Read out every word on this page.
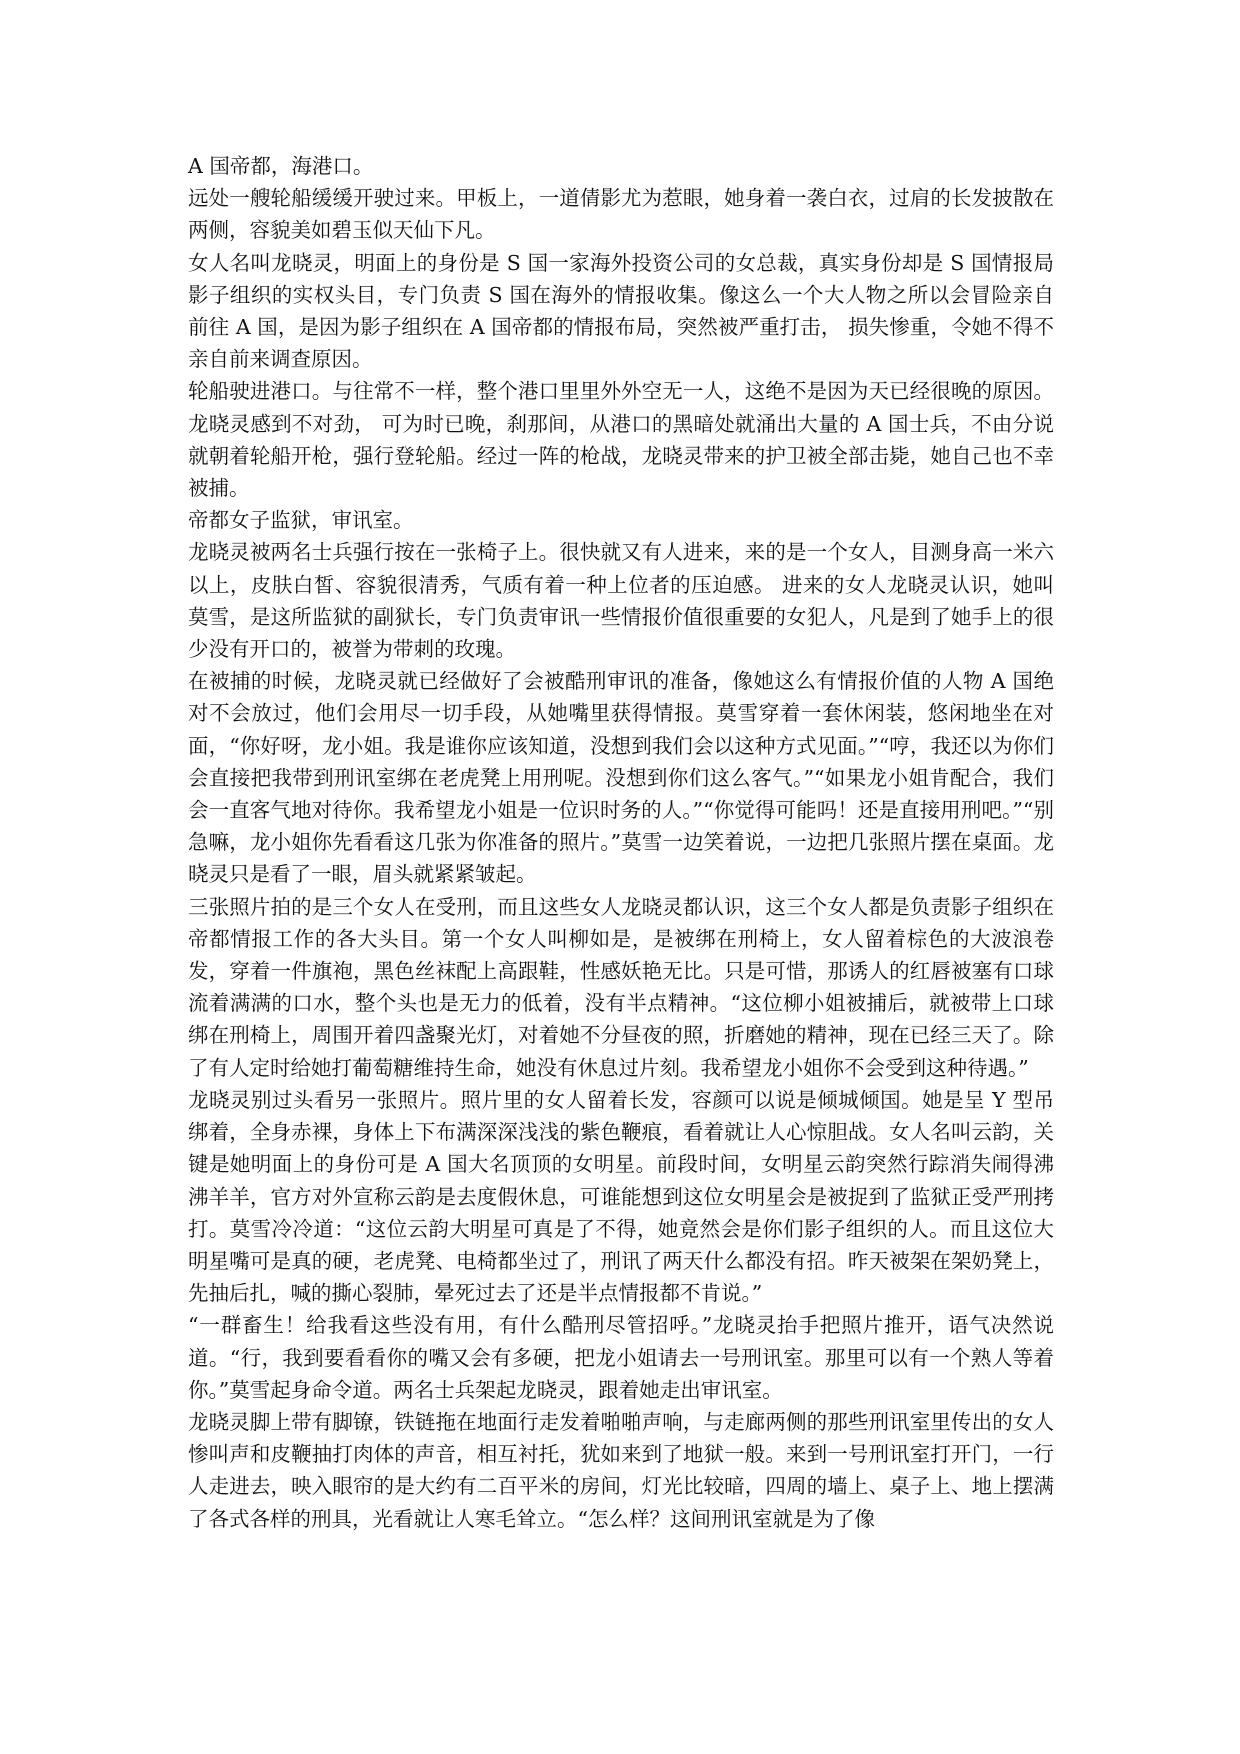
A 国帝都，海港口。

远处一艘轮船缓缓开驶过来。甲板上，一道倩影尤为惹眼，她身着一袭白衣，过肩的长发披散在两侧，容貌美如碧玉似天仙下凡。

女人名叫龙晓灵，明面上的身份是 S 国一家海外投资公司的女总裁，真实身份却是 S 国情报局影子组织的实权头目，专门负责 S 国在海外的情报收集。像这么一个大人物之所以会冒险亲自前往 A 国，是因为影子组织在 A 国帝都的情报布局，突然被严重打击， 损失惨重，令她不得不亲自前来调查原因。

轮船驶进港口。与往常不一样，整个港口里里外外空无一人，这绝不是因为天已经很晚的原因。龙晓灵感到不对劲， 可为时已晚，刹那间，从港口的黑暗处就涌出大量的 A 国士兵，不由分说就朝着轮船开枪，强行登轮船。经过一阵的枪战，龙晓灵带来的护卫被全部击毙，她自己也不幸被捕。

帝都女子监狱，审讯室。

龙晓灵被两名士兵强行按在一张椅子上。很快就又有人进来，来的是一个女人，目测身高一米六以上，皮肤白皙、容貌很清秀，气质有着一种上位者的压迫感。 进来的女人龙晓灵认识，她叫莫雪，是这所监狱的副狱长，专门负责审讯一些情报价值很重要的女犯人，凡是到了她手上的很少没有开口的，被誉为带刺的玫瑰。

在被捕的时候，龙晓灵就已经做好了会被酷刑审讯的准备，像她这么有情报价值的人物 A 国绝对不会放过，他们会用尽一切手段，从她嘴里获得情报。莫雪穿着一套休闲装，悠闲地坐在对面，“你好呀，龙小姐。我是谁你应该知道，没想到我们会以这种方式见面。”“哼，我还以为你们会直接把我带到刑讯室绑在老虎凳上用刑呢。没想到你们这么客气。”“如果龙小姐肯配合，我们会一直客气地对待你。我希望龙小姐是一位识时务的人。”“你觉得可能吗！还是直接用刑吧。”“别急嘛，龙小姐你先看看这几张为你准备的照片。”莫雪一边笑着说，一边把几张照片摆在桌面。龙晓灵只是看了一眼，眉头就紧紧皱起。

三张照片拍的是三个女人在受刑，而且这些女人龙晓灵都认识，这三个女人都是负责影子组织在帝都情报工作的各大头目。第一个女人叫柳如是，是被绑在刑椅上，女人留着棕色的大波浪卷发，穿着一件旗袍，黑色丝袜配上高跟鞋，性感妖艳无比。只是可惜，那诱人的红唇被塞有口球流着满满的口水，整个头也是无力的低着，没有半点精神。“这位柳小姐被捕后，就被带上口球绑在刑椅上，周围开着四盏聚光灯，对着她不分昼夜的照，折磨她的精神，现在已经三天了。除了有人定时给她打葡萄糖维持生命，她没有休息过片刻。我希望龙小姐你不会受到这种待遇。”

龙晓灵别过头看另一张照片。照片里的女人留着长发，容颜可以说是倾城倾国。她是呈 Y 型吊绑着，全身赤裸，身体上下布满深深浅浅的紫色鞭痕，看着就让人心惊胆战。女人名叫云韵，关键是她明面上的身份可是 A 国大名顶顶的女明星。前段时间，女明星云韵突然行踪消失闹得沸沸羊羊，官方对外宣称云韵是去度假休息，可谁能想到这位女明星会是被捉到了监狱正受严刑拷打。莫雪冷冷道：“这位云韵大明星可真是了不得，她竟然会是你们影子组织的人。而且这位大明星嘴可是真的硬，老虎凳、电椅都坐过了，刑讯了两天什么都没有招。昨天被架在架奶凳上，先抽后扎，喊的撕心裂肺，晕死过去了还是半点情报都不肯说。”

“一群畜生！给我看这些没有用，有什么酷刑尽管招呼。”龙晓灵抬手把照片推开，语气决然说道。“行，我到要看看你的嘴又会有多硬，把龙小姐请去一号刑讯室。那里可以有一个熟人等着你。”莫雪起身命令道。两名士兵架起龙晓灵，跟着她走出审讯室。

龙晓灵脚上带有脚镣，铁链拖在地面行走发着啪啪声响，与走廊两侧的那些刑讯室里传出的女人惨叫声和皮鞭抽打肉体的声音，相互衬托，犹如来到了地狱一般。来到一号刑讯室打开门，一行人走进去，映入眼帘的是大约有二百平米的房间，灯光比较暗，四周的墙上、桌子上、地上摆满了各式各样的刑具，光看就让人寒毛耸立。“怎么样？这间刑讯室就是为了像
